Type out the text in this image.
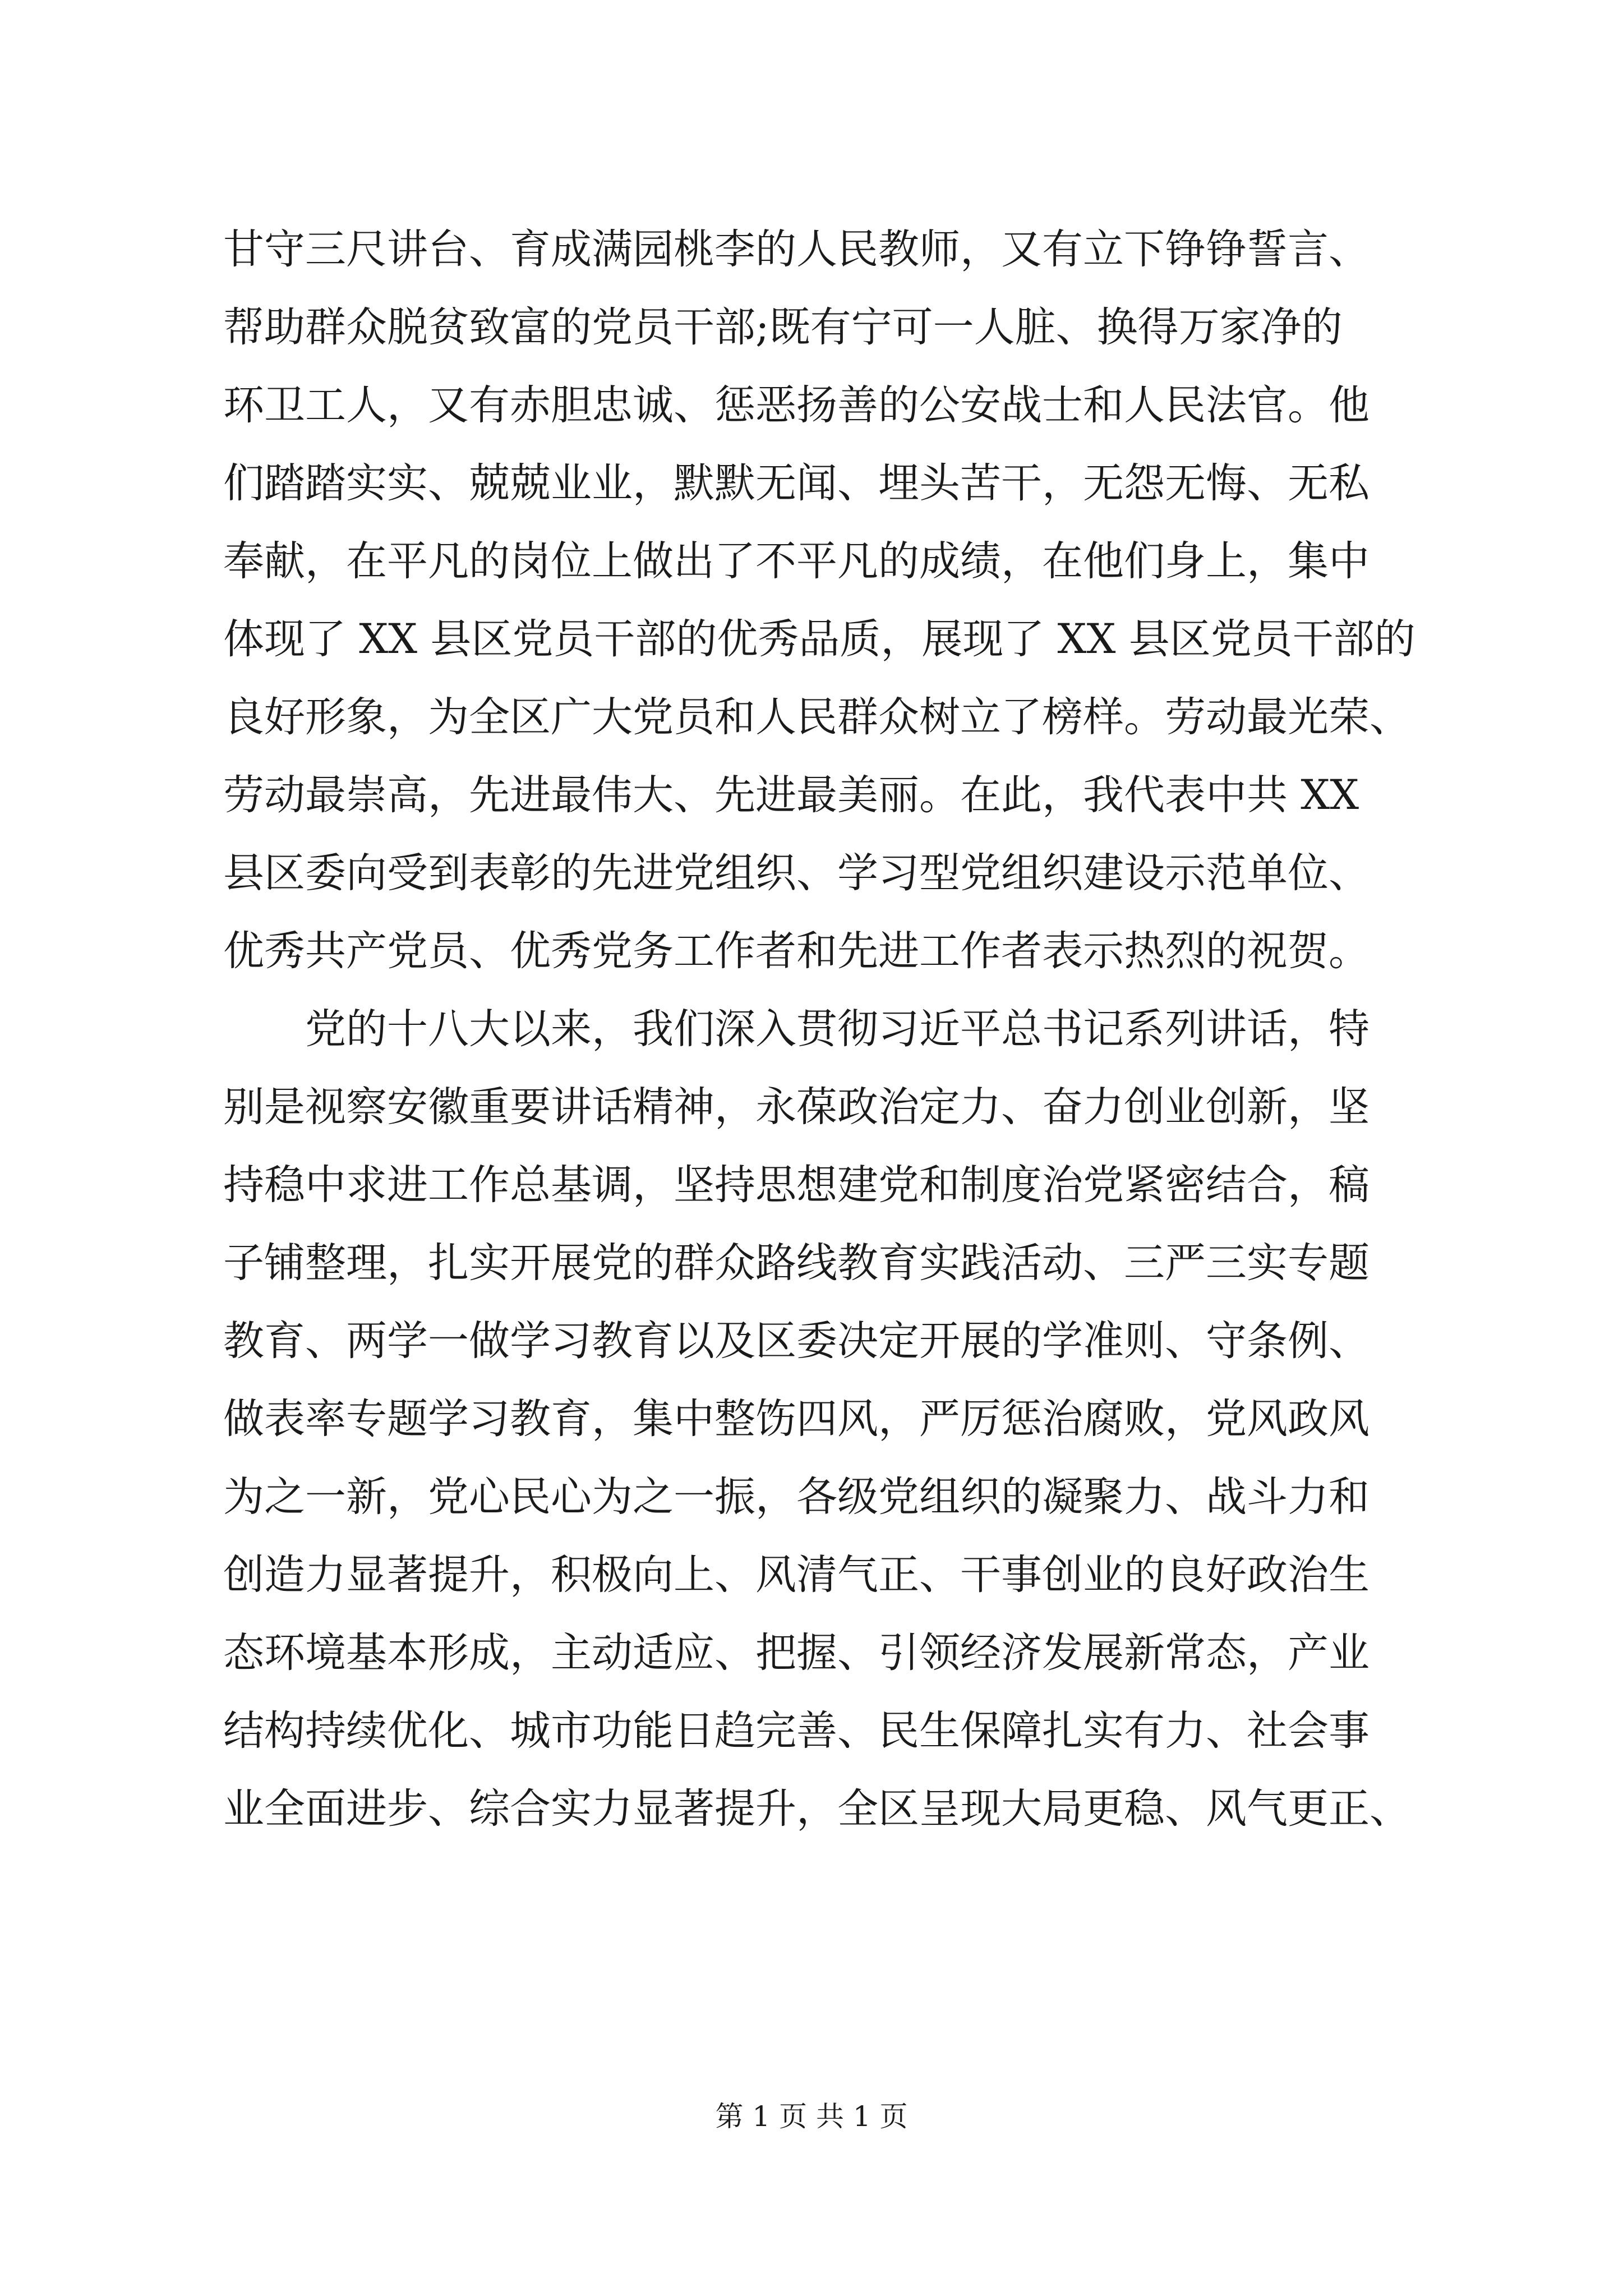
甘守三尺讲台、育成满园桃李的人民教师，又有立下铮铮誓言、
帮助群众脱贫致富的党员干部;既有宁可一人脏、换得万家净的
环卫工人，又有赤胆忠诚、惩恶扬善的公安战士和人民法官。他
们踏踏实实、兢兢业业，默默无闻、埋头苦干，无怨无悔、无私
奉献，在平凡的岗位上做出了不平凡的成绩，在他们身上，集中
体现了 XX 县区党员干部的优秀品质，展现了 XX 县区党员干部的
良好形象，为全区广大党员和人民群众树立了榜样。劳动最光荣、
劳动最崇高，先进最伟大、先进最美丽。在此，我代表中共 XX
县区委向受到表彰的先进党组织、学习型党组织建设示范单位、
优秀共产党员、优秀党务工作者和先进工作者表示热烈的祝贺。
党的十八大以来，我们深入贯彻习近平总书记系列讲话，特
别是视察安徽重要讲话精神，永葆政治定力、奋力创业创新，坚
持稳中求进工作总基调，坚持思想建党和制度治党紧密结合，稿
子铺整理，扎实开展党的群众路线教育实践活动、三严三实专题
教育、两学一做学习教育以及区委决定开展的学准则、守条例、
做表率专题学习教育，集中整饬四风，严厉惩治腐败，党风政风
为之一新，党心民心为之一振，各级党组织的凝聚力、战斗力和
创造力显著提升，积极向上、风清气正、干事创业的良好政治生
态环境基本形成，主动适应、把握、引领经济发展新常态，产业
结构持续优化、城市功能日趋完善、民生保障扎实有力、社会事
业全面进步、综合实力显著提升，全区呈现大局更稳、风气更正、
第 1 页 共 1 页
